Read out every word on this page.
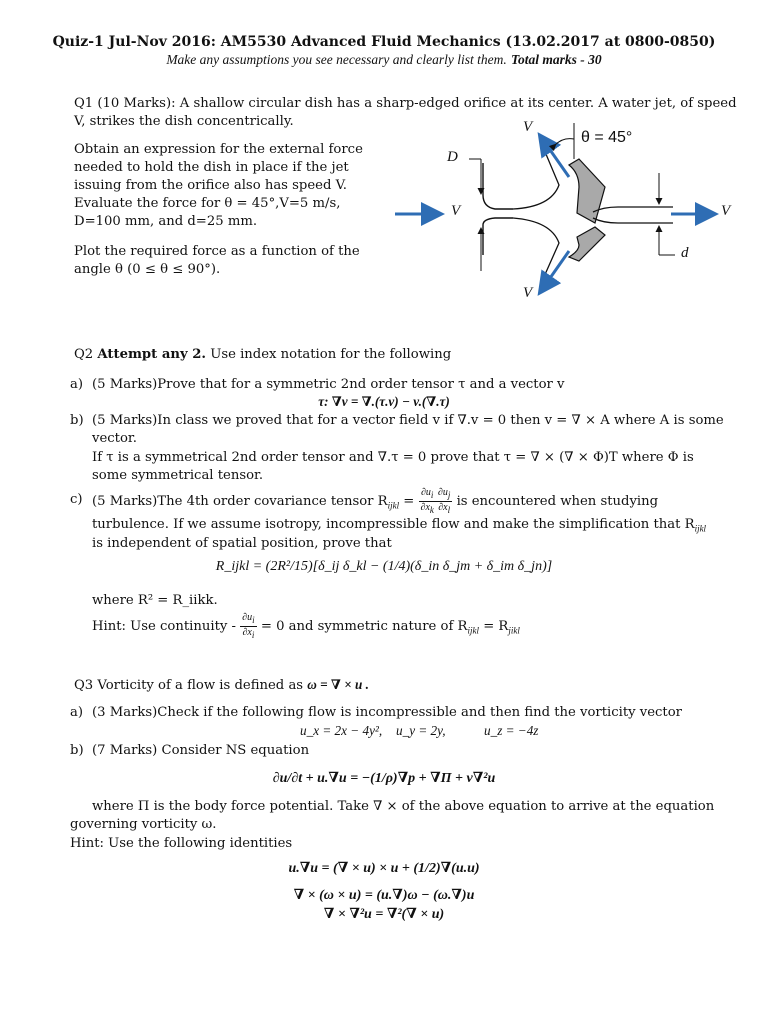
Quiz-1 Jul-Nov 2016: AM5530 Advanced Fluid Mechanics (13.02.2017 at 0800-0850)
Make any assumptions you see necessary and clearly list them. Total marks - 30
Q1 (10 Marks): A shallow circular dish has a sharp-edged orifice at its center. A water jet, of speed
V, strikes the dish concentrically.
Obtain an expression for the external force
needed to hold the dish in place if the jet
issuing from the orifice also has speed V.
Evaluate the force for θ = 45°,V=5 m/s,
D=100 mm, and d=25 mm.
Plot the required force as a function of the
angle θ (0 ≤ θ ≤ 90°).
V
θ = 45°
D
V	V
d
V
Q2 Attempt any 2. Use index notation for the following
a) (5 Marks)Prove that for a symmetric 2nd order tensor τ and a vector v
τ: ∇v = ∇.(τ.v) − v.(∇.τ)
b) (5 Marks)In class we proved that for a vector field v if ∇.v = 0 then v = ∇ × A where A is some
vector.
If τ is a symmetrical 2nd order tensor and ∇.τ = 0 prove that τ = ∇ × (∇ × Φ)T where Φ is
some symmetrical tensor.
c) (5 Marks)The 4th order covariance tensor $R_{ijkl} = \frac{\partial u_i}{\partial x_k} \frac{\partial u_j}{\partial x_l}$ is encountered when studying
turbulence. If we assume isotropy, incompressible flow and make the simplification that $R_{ijkl}$
is independent of spatial position, prove that
R_ijkl = (2R²/15)[δ_ij δ_kl − (1/4)(δ_in δ_jm + δ_im δ_jn)]
where R² = R_iikk.
Hint: Use continuity - $\frac{\partial u_i}{\partial x_i} = 0$ and symmetric nature of $R_{ijkl} = R_{jikl}$
Q3 Vorticity of a flow is defined as ω = ∇ × u .
a) (3 Marks)Check if the following flow is incompressible and then find the vorticity vector
u_x = 2x − 4y², u_y = 2y,	u_z = −4z
b) (7 Marks) Consider NS equation
∂u/∂t + u.∇u = −(1/ρ)∇p + ∇Π + ν∇²u
where Π is the body force potential. Take ∇ × of the above equation to arrive at the equation
governing vorticity ω.
Hint: Use the following identities
u.∇u = (∇ × u) × u + (1/2)∇(u.u)
∇ × (ω × u) = (u.∇)ω − (ω.∇)u
∇ × ∇²u = ∇²(∇ × u)
